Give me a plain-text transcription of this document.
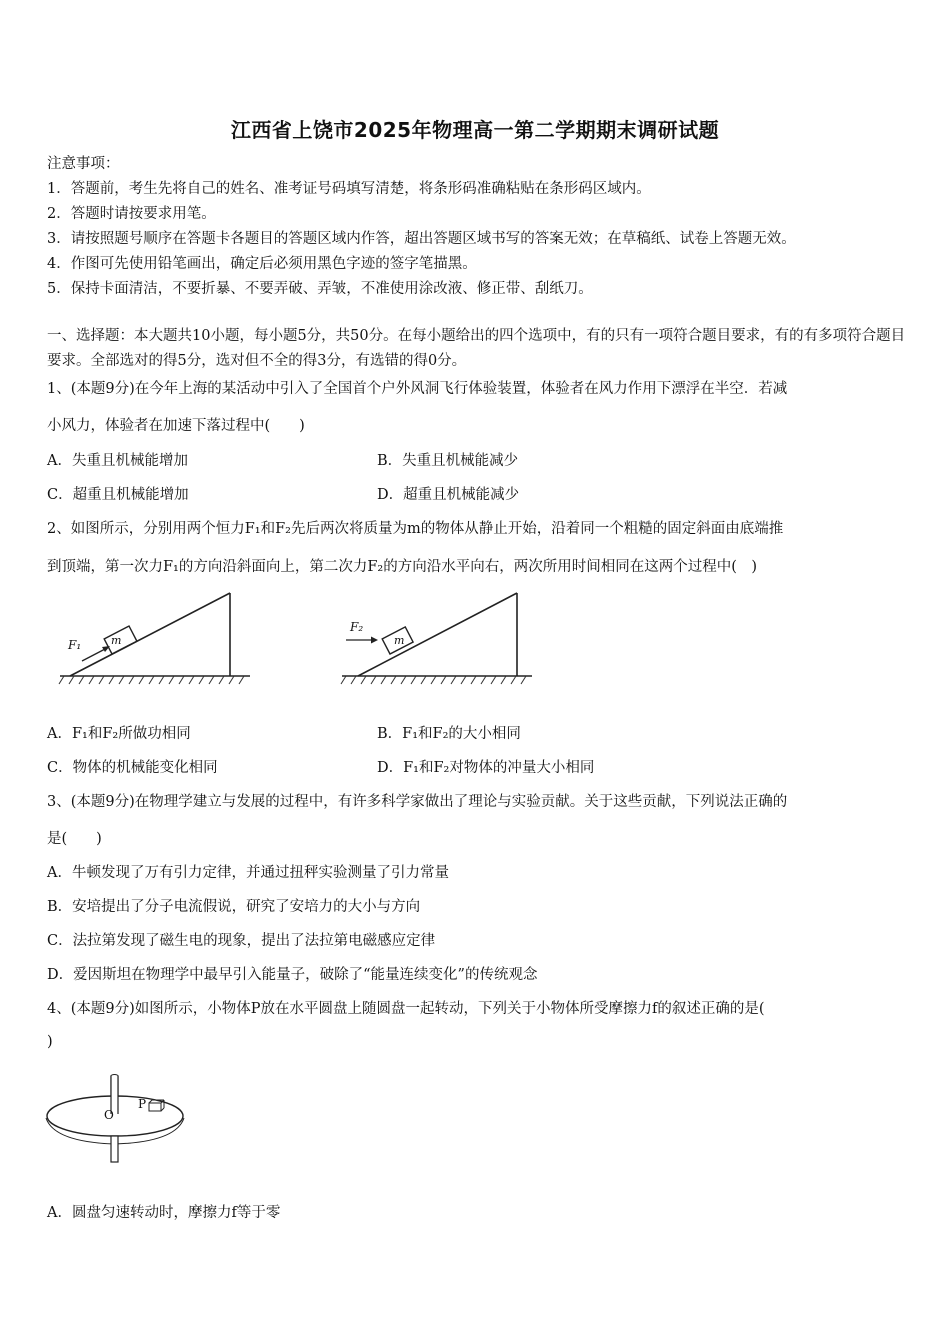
江西省上饶市2025年物理高一第二学期期末调研试题
注意事项：
1．答题前，考生先将自己的姓名、准考证号码填写清楚，将条形码准确粘贴在条形码区域内。
2．答题时请按要求用笔。
3．请按照题号顺序在答题卡各题目的答题区域内作答，超出答题区域书写的答案无效；在草稿纸、试卷上答题无效。
4．作图可先使用铅笔画出，确定后必须用黑色字迹的签字笔描黑。
5．保持卡面清洁，不要折暴、不要弄破、弄皱，不准使用涂改液、修正带、刮纸刀。
一、选择题：本大题共10小题，每小题5分，共50分。在每小题给出的四个选项中，有的只有一项符合题目要求，有的有多项符合题目要求。全部选对的得5分，选对但不全的得3分，有选错的得0分。
1、(本题9分)在今年上海的某活动中引入了全国首个户外风洞飞行体验装置，体验者在风力作用下漂浮在半空．若减
小风力，体验者在加速下落过程中(　　)
A．失重且机械能增加	B．失重且机械能减少
C．超重且机械能增加	D．超重且机械能减少
2、如图所示，分别用两个恒力F₁和F₂先后两次将质量为m的物体从静止开始，沿着同一个粗糙的固定斜面由底端推
到顶端，第一次力F₁的方向沿斜面向上，第二次力F₂的方向沿水平向右，两次所用时间相同在这两个过程中(　)
F₁	m
F₂
m
A．F₁和F₂所做功相同	B．F₁和F₂的大小相同
C．物体的机械能变化相同	D．F₁和F₂对物体的冲量大小相同
3、(本题9分)在物理学建立与发展的过程中，有许多科学家做出了理论与实验贡献。关于这些贡献，下列说法正确的
是(　　)
A．牛顿发现了万有引力定律，并通过扭秤实验测量了引力常量
B．安培提出了分子电流假说，研究了安培力的大小与方向
C．法拉第发现了磁生电的现象，提出了法拉第电磁感应定律
D．爱因斯坦在物理学中最早引入能量子，破除了“能量连续变化”的传统观念
4、(本题9分)如图所示，小物体P放在水平圆盘上随圆盘一起转动，下列关于小物体所受摩擦力f的叙述正确的是(
)
O
P
A．圆盘匀速转动时，摩擦力f等于零
